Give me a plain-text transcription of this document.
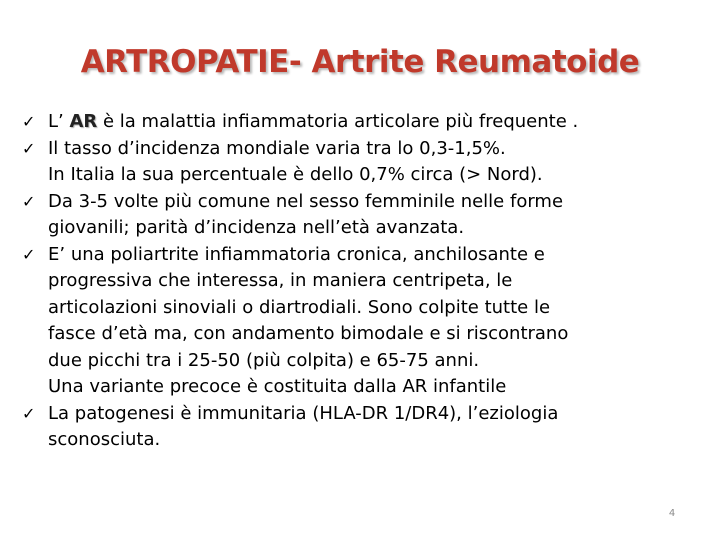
ARTROPATIE- Artrite Reumatoide
✓ L’ AR è la malattia infiammatoria articolare più frequente .
✓ Il tasso d’incidenza mondiale varia tra lo 0,3-1,5%.
In Italia la sua percentuale è dello 0,7% circa (> Nord).
✓ Da 3-5 volte più comune nel sesso femminile nelle forme
giovanili; parità d’incidenza nell’età avanzata.
✓ E’ una poliartrite infiammatoria cronica, anchilosante e
progressiva che interessa, in maniera centripeta, le
articolazioni sinoviali o diartrodiali. Sono colpite tutte le
fasce d’età ma, con andamento bimodale e si riscontrano
due picchi tra i 25-50 (più colpita) e 65-75 anni.
Una variante precoce è costituita dalla AR infantile
✓ La patogenesi è immunitaria (HLA-DR 1/DR4), l’eziologia
sconosciuta.
4
